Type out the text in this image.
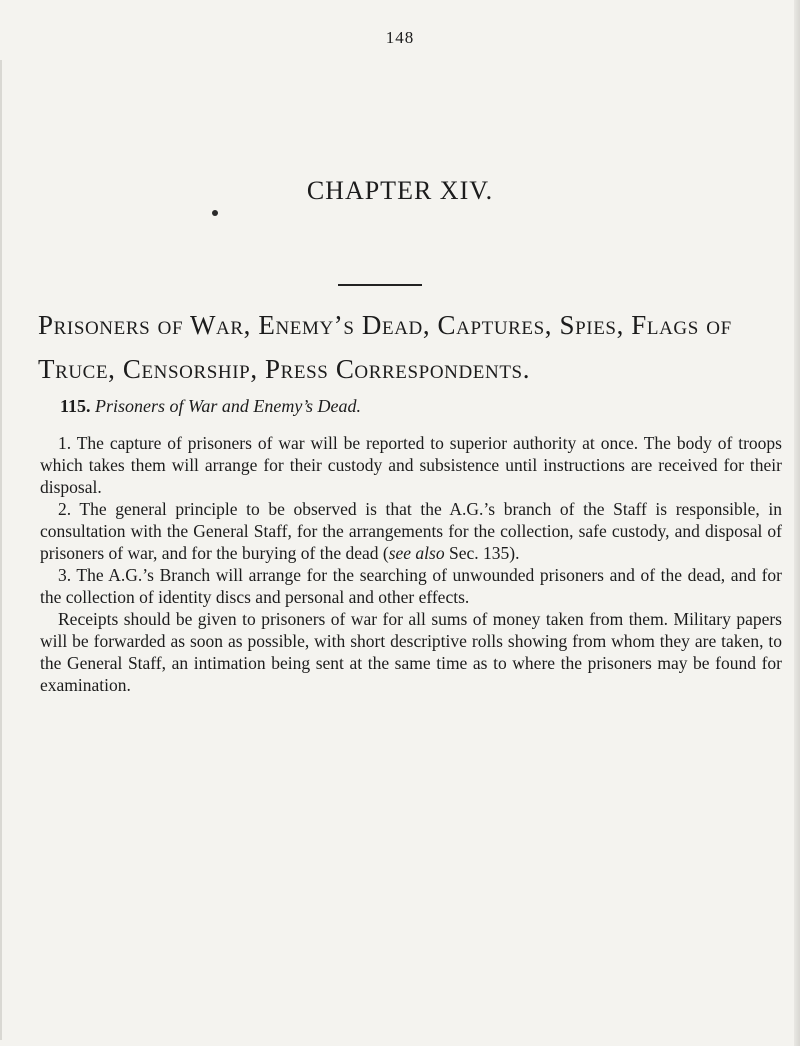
148
CHAPTER XIV.
Prisoners of War, Enemy’s Dead, Captures, Spies, Flags of Truce, Censorship, Press Correspondents.
115. Prisoners of War and Enemy’s Dead.

1. The capture of prisoners of war will be reported to superior authority at once. The body of troops which takes them will arrange for their custody and subsistence until instructions are received for their disposal.

2. The general principle to be observed is that the A.G.’s branch of the Staff is responsible, in consultation with the General Staff, for the arrangements for the collection, safe custody, and disposal of prisoners of war, and for the burying of the dead (see also Sec. 135).

3. The A.G.’s Branch will arrange for the searching of unwounded prisoners and of the dead, and for the collection of identity discs and personal and other effects.

Receipts should be given to prisoners of war for all sums of money taken from them. Military papers will be forwarded as soon as possible, with short descriptive rolls showing from whom they are taken, to the General Staff, an intimation being sent at the same time as to where the prisoners may be found for examination.
